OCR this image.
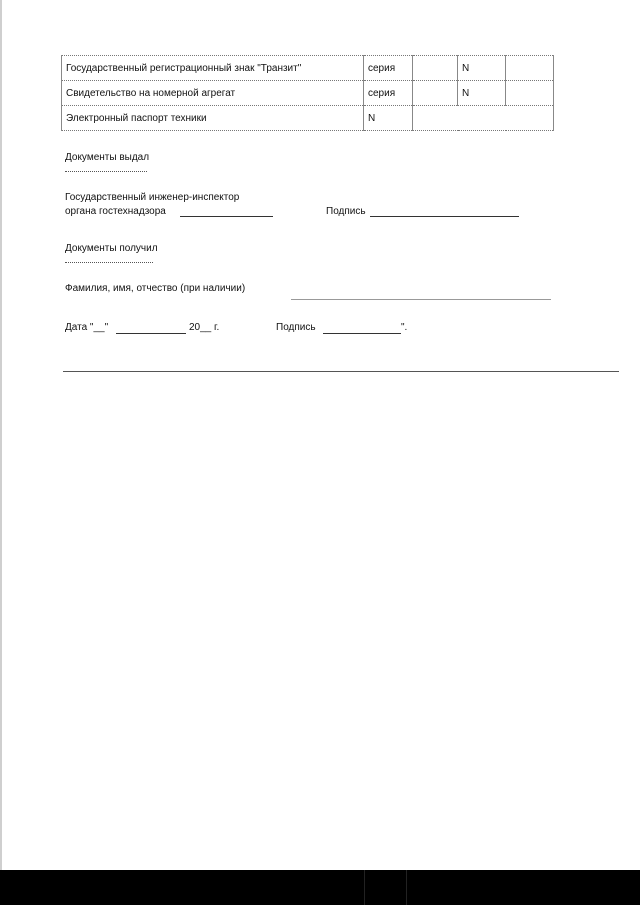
Государственный регистрационный знак "Транзит"	серия		N	
Свидетельство на номерной агрегат	серия		N	
Электронный паспорт техники	N			
Документы выдал
Государственный инженер-инспектор
органа гостехнадзора	Подпись
Документы получил
Фамилия, имя, отчество (при наличии)
Дата "__"	20__ г.	Подпись	".
